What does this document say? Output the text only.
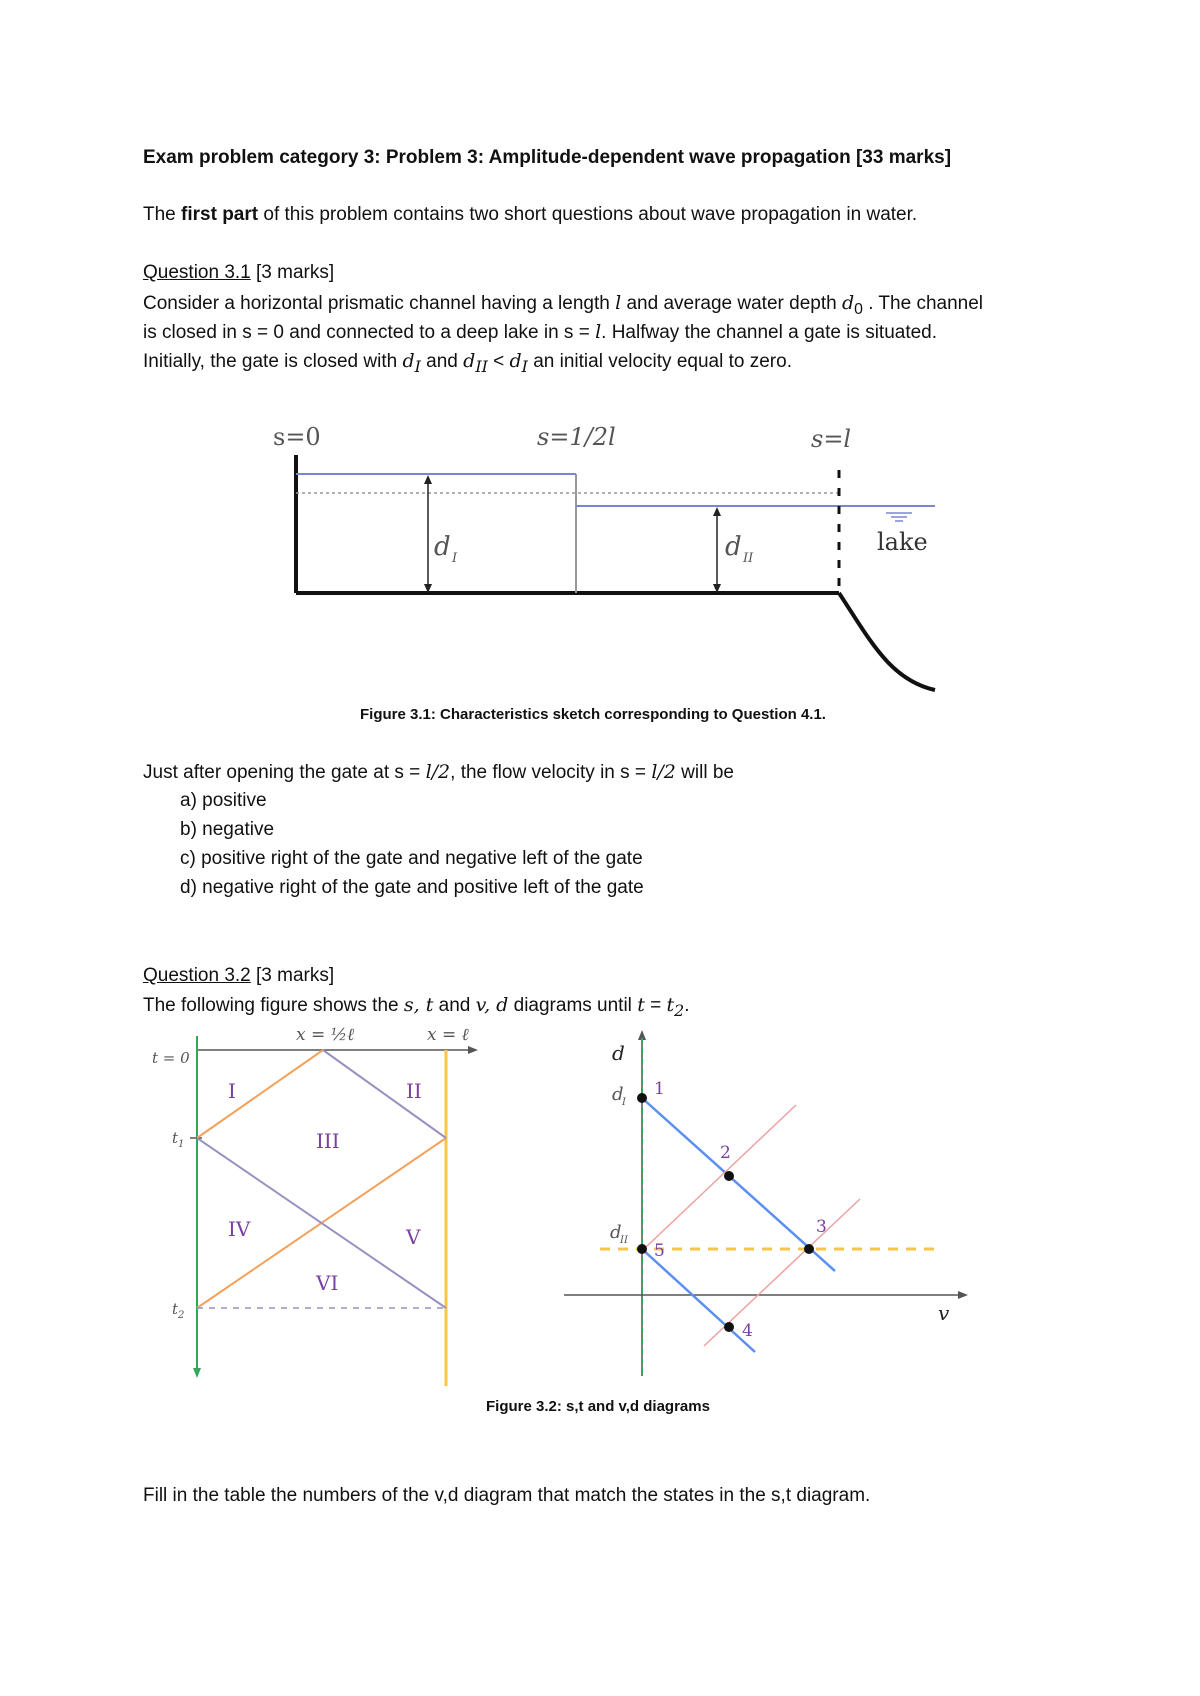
Exam problem category 3: Problem 3: Amplitude-dependent wave propagation [33 marks]
The first part of this problem contains two short questions about wave propagation in water.
Question 3.1 [3 marks]
Consider a horizontal prismatic channel having a length l and average water depth $d_0$ . The channel
is closed in s = 0 and connected to a deep lake in s = l. Halfway the channel a gate is situated.
Initially, the gate is closed with $d_I$ and $d_{II} < d_I$ an initial velocity equal to zero.
s=0	s=1/2l	s=l
lake
d I	d II
Figure 3.1: Characteristics sketch corresponding to Question 4.1.
Just after opening the gate at s = l/2, the flow velocity in s = l/2 will be
a) positive
b) negative
c) positive right of the gate and negative left of the gate
d) negative right of the gate and positive left of the gate
Question 3.2 [3 marks]
The following figure shows the s, t and v, d diagrams until $t = t_2$.
x = ½ℓ	x = ℓ
t = 0
t 1
t 2
I	II
III
IV	V
VI
d
v
d
I
d
II
1
2
3
4
5
Figure 3.2: s,t and v,d diagrams
Fill in the table the numbers of the v,d diagram that match the states in the s,t diagram.
